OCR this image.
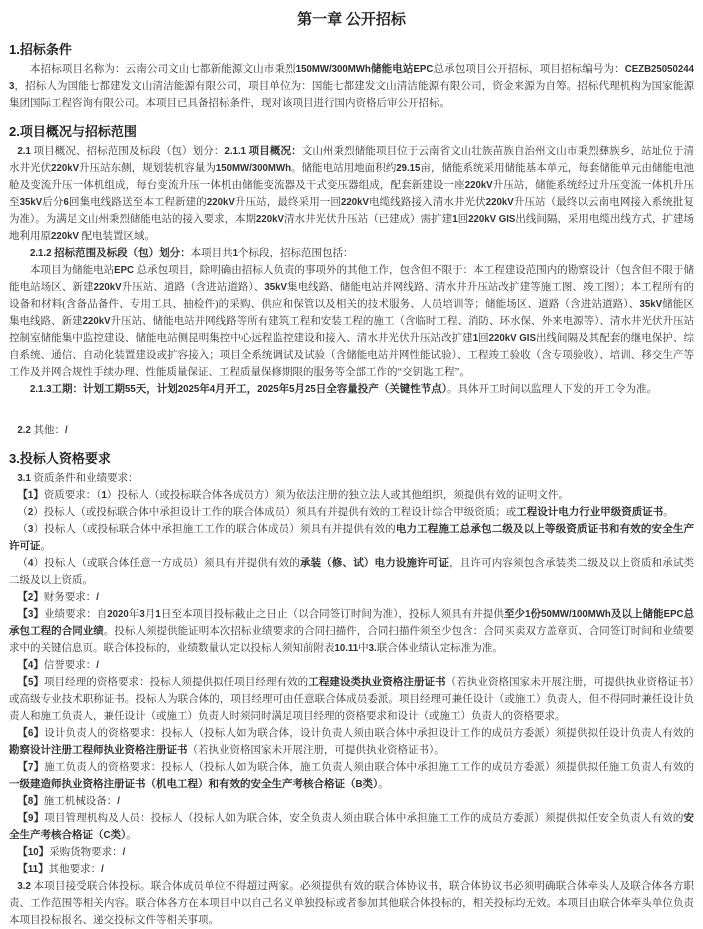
第一章 公开招标
1.招标条件

本招标项目名称为：云南公司文山七都新能源文山市秉烈150MW/300MWh储能电站EPC总承包项目公开招标，项目招标编号为：CEZB250502443，招标人为国能七都建发文山清洁能源有限公司，项目单位为：国能七都建发文山清洁能源有限公司，资金来源为自筹。招标代理机构为国家能源集团国际工程咨询有限公司。本项目已具备招标条件，现对该项目进行国内资格后审公开招标。

2.项目概况与招标范围

2.1 项目概况、招标范围及标段（包）划分：2.1.1 项目概况：文山州秉烈储能项目位于云南省文山壮族苗族自治州文山市秉烈彝族乡，站址位于清水井光伏220kV升压站东侧，规划装机容量为150MW/300MWh。储能电站用地面积约29.15亩，储能系统采用储能基本单元，每套储能单元由储能电池舱及变流升压一体机组成，每台变流升压一体机由储能变流器及干式变压器组成，配套新建设一座220kV升压站，储能系统经过升压变流一体机升压至35kV后分6回集电线路送至本工程新建的220kV升压站，最终采用一回220kV电缆线路接入清水井光伏220kV升压站（最终以云南电网接入系统批复为准）。为满足文山州秉烈储能电站的接入要求，本期220kV清水井光伏升压站（已建成）需扩建1回220kV GIS出线间隔，采用电缆出线方式，扩建场地利用原220kV 配电装置区域。

2.1.2 招标范围及标段（包）划分：本项目共1个标段，招标范围包括：

本项目为储能电站EPC 总承包项目，除明确由招标人负责的事项外的其他工作，包含但不限于：本工程建设范围内的勘察设计（包含但不限于储能电站场区、新建220kV升压站、道路（含进站道路）、35kV集电线路、储能电站并网线路、清水井升压站改扩建等施工图、竣工图）；本工程所有的设备和材料(含备品备件、专用工具、抽检件)的采购、供应和保管以及相关的技术服务、人员培训等；储能场区、道路（含进站道路）、35kV储能区集电线路、新建220kV升压站、储能电站并网线路等所有建筑工程和安装工程的施工（含临时工程、消防、环水保、外来电源等）、清水井光伏升压站控制室储能集中监控建设、储能电站侧昆明集控中心远程监控建设和接入、清水井光伏升压站改扩建1回220kV GIS出线间隔及其配套的继电保护、综自系统、通信、自动化装置建设或扩容接入；项目全系统调试及试验（含储能电站并网性能试验）、工程竣工验收（含专项验收）、培训、移交生产等工作及并网合规性手续办理、性能质量保证、工程质量保修期限的服务等全部工作的“交钥匙工程”。

2.1.3工期：计划工期55天，计划2025年4月开工，2025年5月25日全容量投产（关键性节点）。具体开工时间以监理人下发的开工令为准。

2.2 其他：/

3.投标人资格要求

3.1 资质条件和业绩要求：

【1】资质要求：（1）投标人（或投标联合体各成员方）须为依法注册的独立法人或其他组织，须提供有效的证明文件。

（2）投标人（或投标联合体中承担设计工作的联合体成员）须具有并提供有效的工程设计综合甲级资质；或工程设计电力行业甲级资质证书。

（3）投标人（或投标联合体中承担施工工作的联合体成员）须具有并提供有效的电力工程施工总承包二级及以上等级资质证书和有效的安全生产许可证。

（4）投标人（或联合体任意一方成员）须具有并提供有效的承装（修、试）电力设施许可证，且许可内容须包含承装类二级及以上资质和承试类二级及以上资质。

【2】财务要求：/

【3】业绩要求：自2020年3月1日至本项目投标截止之日止（以合同签订时间为准），投标人须具有并提供至少1份50MW/100MWh及以上储能EPC总承包工程的合同业绩。投标人须提供能证明本次招标业绩要求的合同扫描件，合同扫描件须至少包含：合同买卖双方盖章页、合同签订时间和业绩要求中的关键信息页。联合体投标的，业绩数量认定以投标人须知前附表10.11中3.联合体业绩认定标准为准。

【4】信誉要求：/

【5】项目经理的资格要求：投标人须提供拟任项目经理有效的工程建设类执业资格注册证书（若执业资格国家未开展注册，可提供执业资格证书）或高级专业技术职称证书。投标人为联合体的，项目经理可由任意联合体成员委派。项目经理可兼任设计（或施工）负责人，但不得同时兼任设计负责人和施工负责人，兼任设计（或施工）负责人时须同时满足项目经理的资格要求和设计（或施工）负责人的资格要求。

【6】设计负责人的资格要求：投标人（投标人如为联合体，设计负责人须由联合体中承担设计工作的成员方委派）须提供拟任设计负责人有效的勘察设计注册工程师执业资格注册证书（若执业资格国家未开展注册，可提供执业资格证书）。

【7】施工负责人的资格要求：投标人（投标人如为联合体，施工负责人须由联合体中承担施工工作的成员方委派）须提供拟任施工负责人有效的一级建造师执业资格注册证书（机电工程）和有效的安全生产考核合格证（B类）。

【8】施工机械设备：/

【9】项目管理机构及人员：投标人（投标人如为联合体，安全负责人须由联合体中承担施工工作的成员方委派）须提供拟任安全负责人有效的安全生产考核合格证（C类）。

【10】采购货物要求：/

【11】其他要求：/

3.2 本项目接受联合体投标。联合体成员单位不得超过两家。必须提供有效的联合体协议书，联合体协议书必须明确联合体牵头人及联合体各方职责、工作范围等相关内容。联合体各方在本项目中以自己名义单独投标或者参加其他联合体投标的，相关投标均无效。本项目由联合体牵头单位负责本项目投标报名、递交投标文件等相关事项。
